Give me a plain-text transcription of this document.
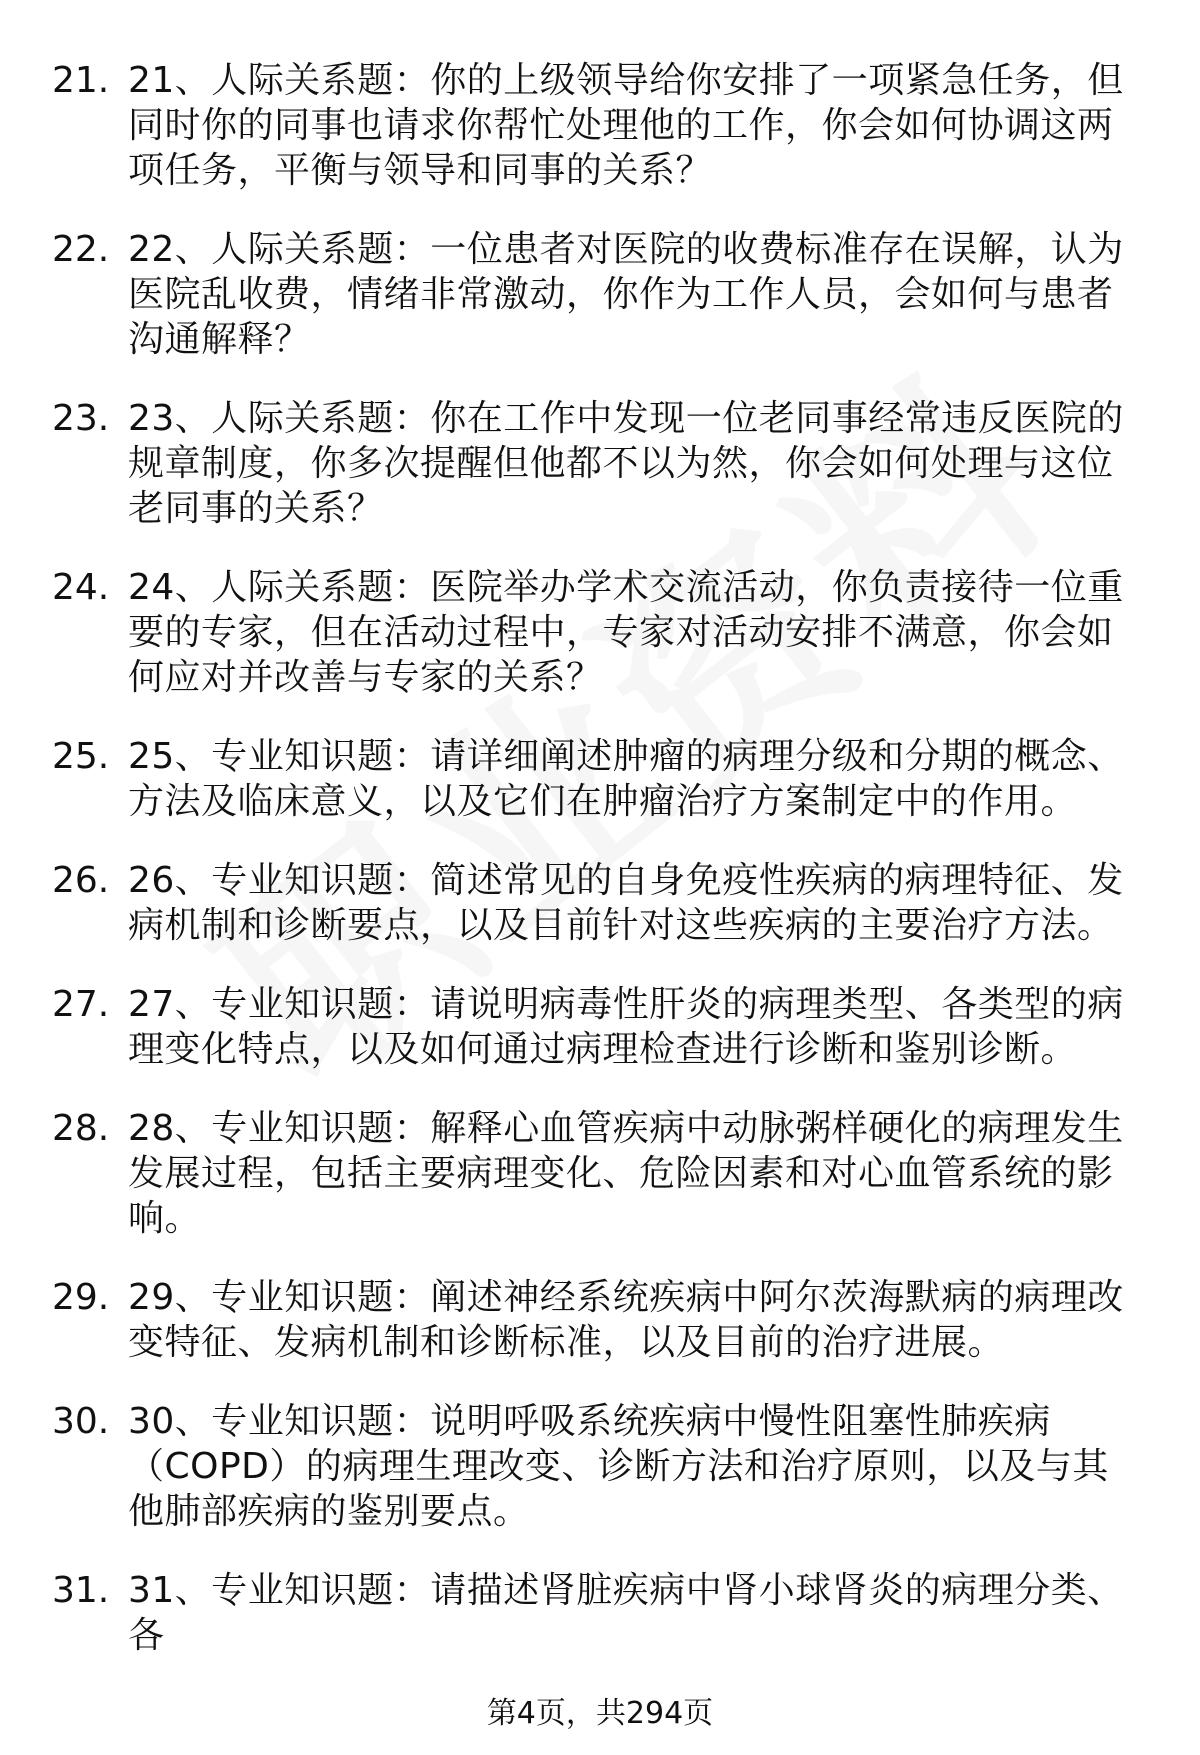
21. 21、人际关系题：你的上级领导给你安排了一项紧急任务，但同时你的同事也请求你帮忙处理他的工作，你会如何协调这两项任务，平衡与领导和同事的关系？
22. 22、人际关系题：一位患者对医院的收费标准存在误解，认为医院乱收费，情绪非常激动，你作为工作人员，会如何与患者沟通解释？
23. 23、人际关系题：你在工作中发现一位老同事经常违反医院的规章制度，你多次提醒但他都不以为然，你会如何处理与这位老同事的关系？
24. 24、人际关系题：医院举办学术交流活动，你负责接待一位重要的专家，但在活动过程中，专家对活动安排不满意，你会如何应对并改善与专家的关系？
25. 25、专业知识题：请详细阐述肿瘤的病理分级和分期的概念、方法及临床意义，以及它们在肿瘤治疗方案制定中的作用。
26. 26、专业知识题：简述常见的自身免疫性疾病的病理特征、发病机制和诊断要点，以及目前针对这些疾病的主要治疗方法。
27. 27、专业知识题：请说明病毒性肝炎的病理类型、各类型的病理变化特点，以及如何通过病理检查进行诊断和鉴别诊断。
28. 28、专业知识题：解释心血管疾病中动脉粥样硬化的病理发生发展过程，包括主要病理变化、危险因素和对心血管系统的影响。
29. 29、专业知识题：阐述神经系统疾病中阿尔茨海默病的病理改变特征、发病机制和诊断标准，以及目前的治疗进展。
30. 30、专业知识题：说明呼吸系统疾病中慢性阻塞性肺疾病（COPD）的病理生理改变、诊断方法和治疗原则，以及与其他肺部疾病的鉴别要点。
31. 31、专业知识题：请描述肾脏疾病中肾小球肾炎的病理分类、各
第4页，共294页
